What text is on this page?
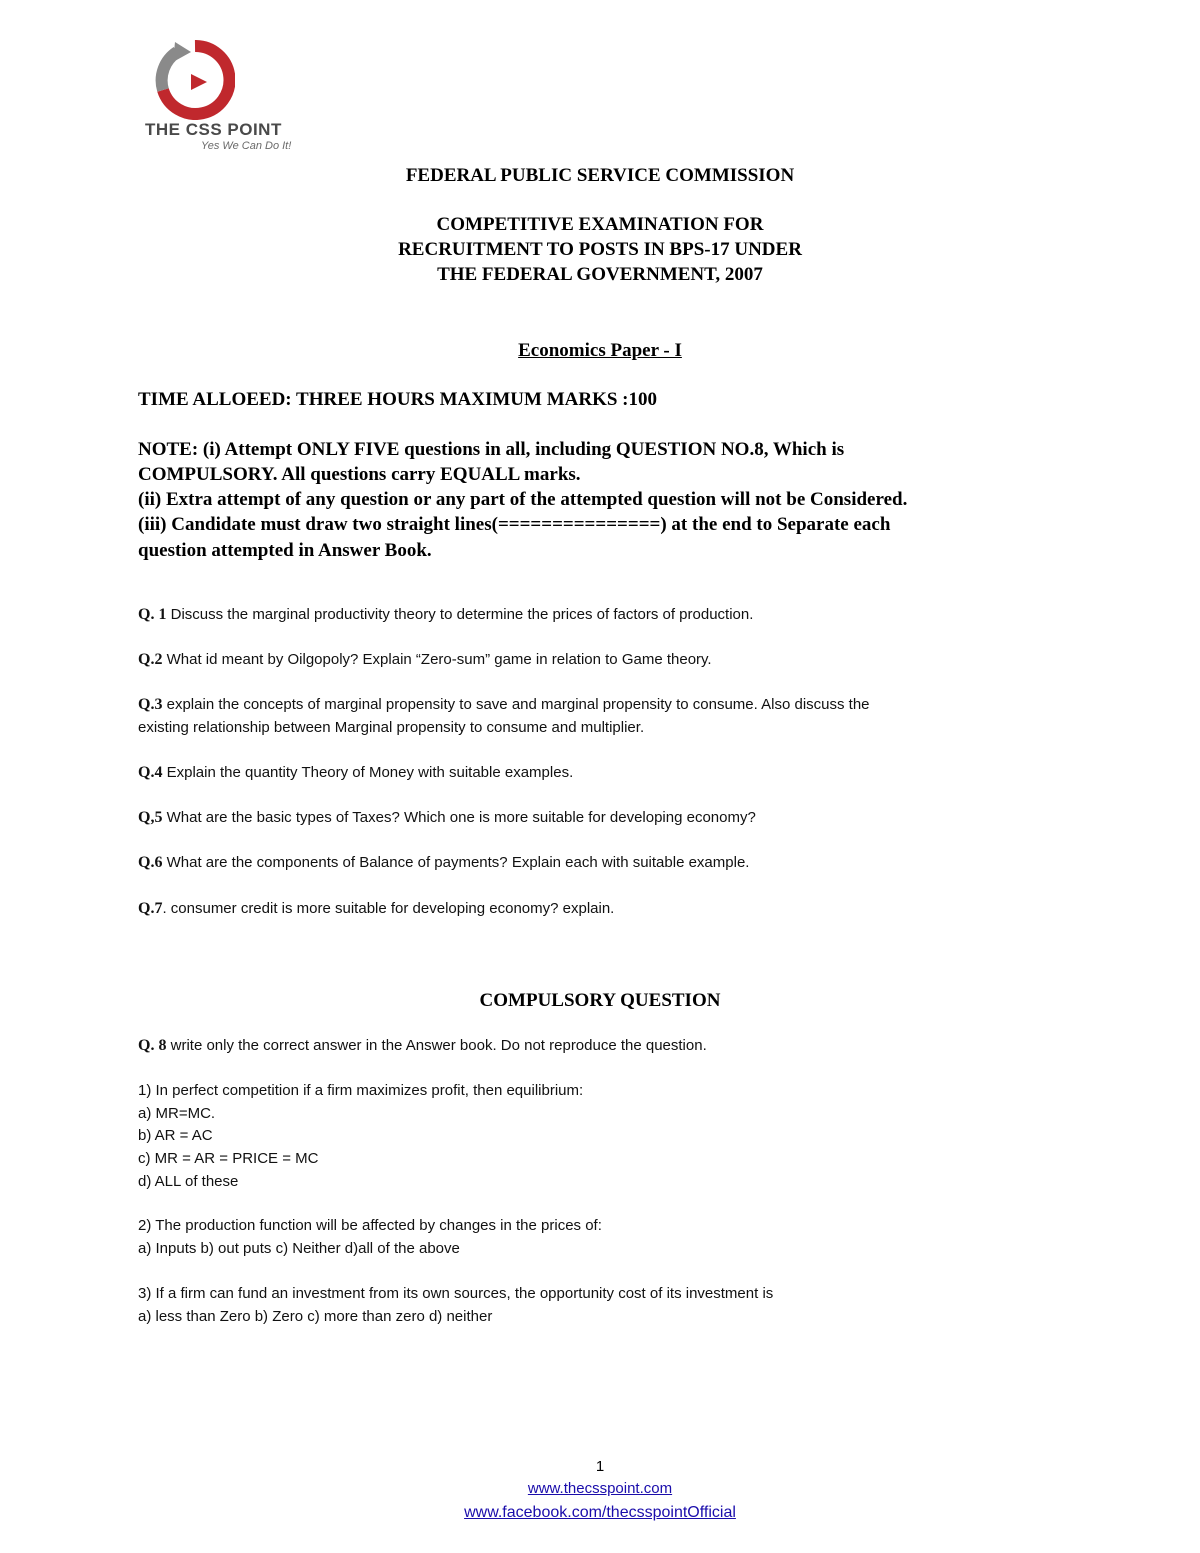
THE CSS POINT
Yes We Can Do It!
FEDERAL PUBLIC SERVICE COMMISSION
COMPETITIVE EXAMINATION FOR
RECRUITMENT TO POSTS IN BPS-17 UNDER
THE FEDERAL GOVERNMENT, 2007
Economics Paper - I
TIME ALLOEED: THREE HOURS MAXIMUM MARKS :100
NOTE: (i) Attempt ONLY FIVE questions in all, including QUESTION NO.8, Which is
COMPULSORY. All questions carry EQUALL marks.
(ii) Extra attempt of any question or any part of the attempted question will not be Considered.
(iii) Candidate must draw two straight lines(===============) at the end to Separate each
question attempted in Answer Book.
Q. 1 Discuss the marginal productivity theory to determine the prices of factors of production.
Q.2 What id meant by Oilgopoly? Explain “Zero-sum” game in relation to Game theory.
Q.3 explain the concepts of marginal propensity to save and marginal propensity to consume. Also discuss the
existing relationship between Marginal propensity to consume and multiplier.
Q.4 Explain the quantity Theory of Money with suitable examples.
Q,5 What are the basic types of Taxes? Which one is more suitable for developing economy?
Q.6 What are the components of Balance of payments? Explain each with suitable example.
Q.7. consumer credit is more suitable for developing economy? explain.
COMPULSORY QUESTION
Q. 8 write only the correct answer in the Answer book. Do not reproduce the question.
1) In perfect competition if a firm maximizes profit, then equilibrium:
a) MR=MC.
b) AR = AC
c) MR = AR = PRICE = MC
d) ALL of these
2) The production function will be affected by changes in the prices of:
a) Inputs b) out puts c) Neither d)all of the above
3) If a firm can fund an investment from its own sources, the opportunity cost of its investment is
a) less than Zero b) Zero c) more than zero d) neither
1
www.thecsspoint.com
www.facebook.com/thecsspointOfficial
